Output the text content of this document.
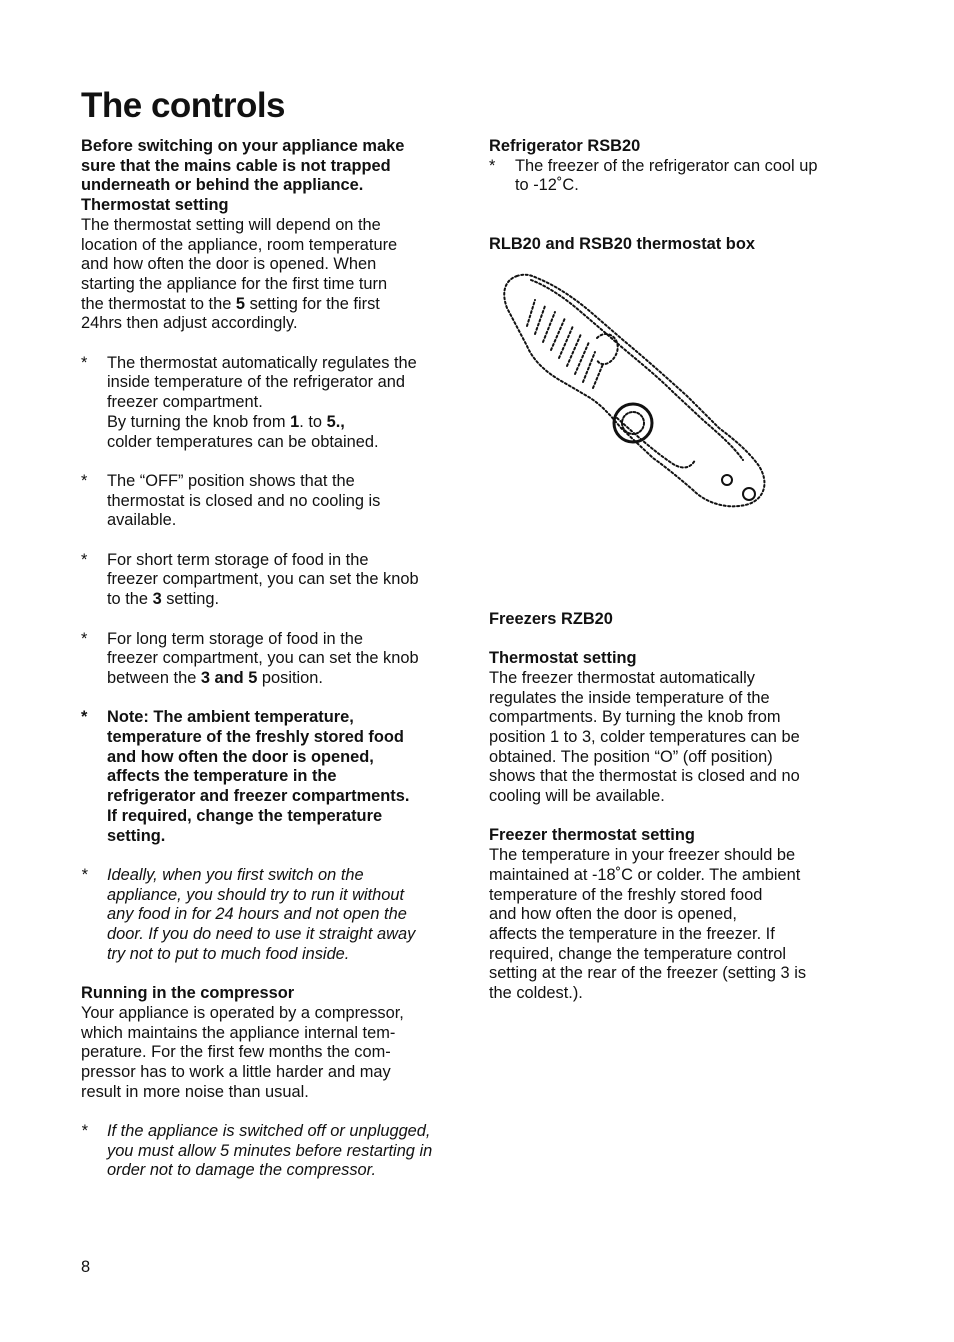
The controls
Before switching on your appliance make
sure that the mains cable is not trapped
underneath or behind the appliance.
Thermostat setting
The thermostat setting will depend on the
location of the appliance, room temperature
and how often the door is opened. When
starting the appliance for the first time turn
the thermostat to the 5 setting for the first
24hrs then adjust accordingly.
* The thermostat automatically regulates the
inside temperature of the refrigerator and
freezer compartment.
By turning the knob from 1. to 5.,
colder temperatures can be obtained.
* The “OFF” position shows that the
thermostat is closed and no cooling is
available.
* For short term storage of food in the
freezer compartment, you can set the knob
to the 3 setting.
* For long term storage of food in the
freezer compartment, you can set the knob
between the 3 and 5 position.
* Note: The ambient temperature,
temperature of the freshly stored food
and how often the door is opened,
affects the temperature in the
refrigerator and freezer compartments.
If required, change the temperature
setting.
* Ideally, when you first switch on the
appliance, you should try to run it without
any food in for 24 hours and not open the
door. If you do need to use it straight away
try not to put to much food inside.
Running in the compressor
Your appliance is operated by a compressor,
which maintains the appliance internal tem-
perature. For the first few months the com-
pressor has to work a little harder and may
result in more noise than usual.
* If the appliance is switched off or unplugged,
you must allow 5 minutes before restarting in
order not to damage the compressor.
Refrigerator RSB20
* The freezer of the refrigerator can cool up
to -12˚C.
RLB20 and RSB20 thermostat box
Freezers RZB20
Thermostat setting
The freezer thermostat automatically
regulates the inside temperature of the
compartments. By turning the knob from
position 1 to 3, colder temperatures can be
obtained. The position “O” (off position)
shows that the thermostat is closed and no
cooling will be available.
Freezer thermostat setting
The temperature in your freezer should be
maintained at -18˚C or colder. The ambient
temperature of the freshly stored food
and how often the door is opened,
affects the temperature in the freezer. If
required, change the temperature control
setting at the rear of the freezer (setting 3 is
the coldest.).
8
